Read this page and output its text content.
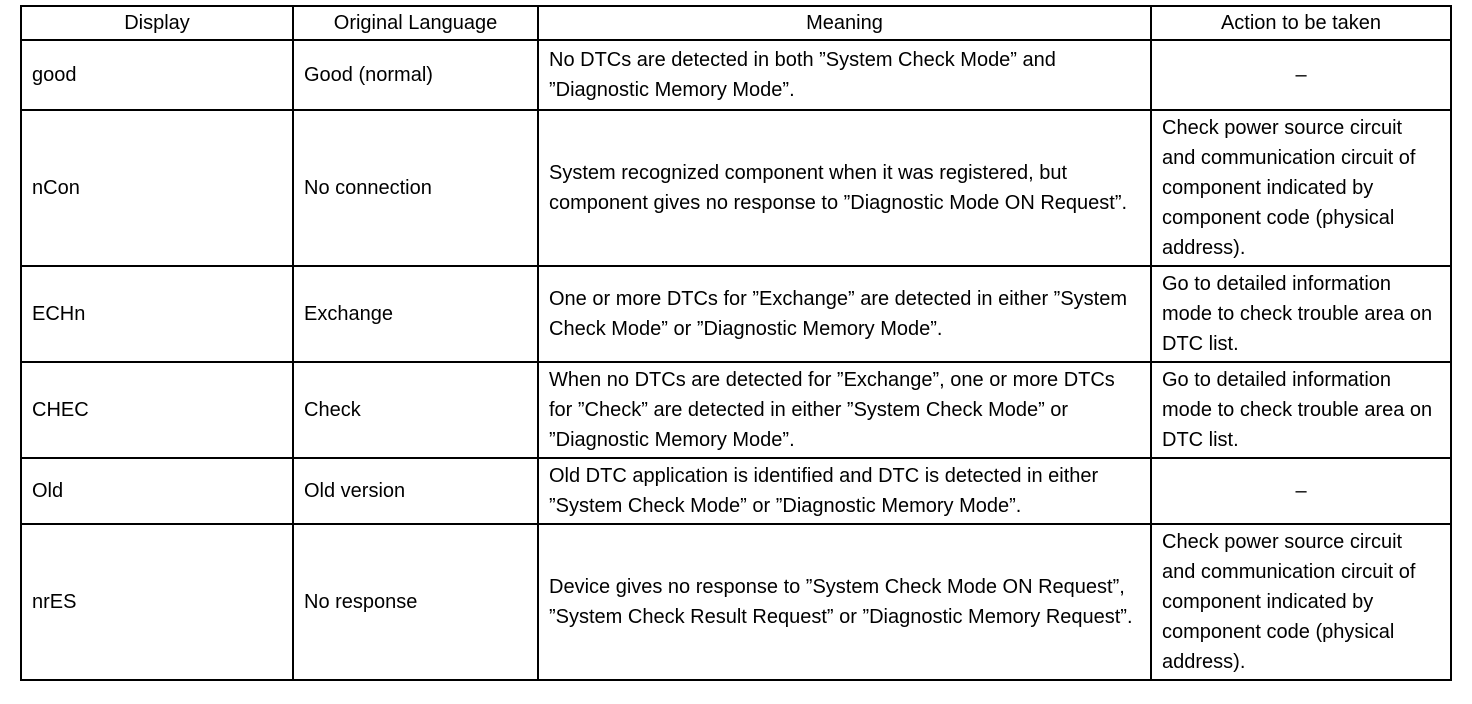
Display	Original Language	Meaning	Action to be taken
good	Good (normal)	No DTCs are detected in both ”System Check Mode” and ”Diagnostic Memory Mode”.	–
nCon	No connection	System recognized component when it was registered, but component gives no response to ”Diagnostic Mode ON Request”.	Check power source circuit and communication circuit of component indicated by component code (physical address).
ECHn	Exchange	One or more DTCs for ”Exchange” are detected in either ”System Check Mode” or ”Diagnostic Memory Mode”.	Go to detailed information mode to check trouble area on DTC list.
CHEC	Check	When no DTCs are detected for ”Exchange”, one or more DTCs for ”Check” are detected in either ”System Check Mode” or ”Diagnostic Memory Mode”.	Go to detailed information mode to check trouble area on DTC list.
Old	Old version	Old DTC application is identified and DTC is detected in either ”System Check Mode” or ”Diagnostic Memory Mode”.	–
nrES	No response	Device gives no response to ”System Check Mode ON Request”, ”System Check Result Request” or ”Diagnostic Memory Request”.	Check power source circuit and communication circuit of component indicated by component code (physical address).
